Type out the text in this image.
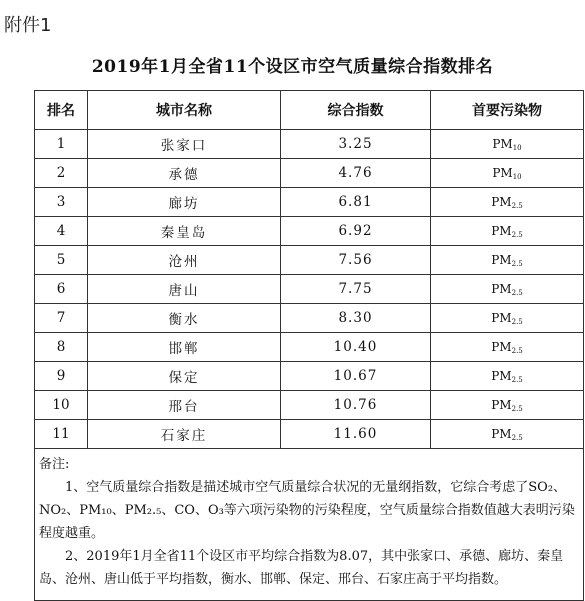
附件1
2019年1月全省11个设区市空气质量综合指数排名
排名	城市名称	综合指数	首要污染物
1	张家口	3.25	$PM_{10}$
2	承德	4.76	$PM_{10}$
3	廊坊	6.81	$PM_{2.5}$
4	秦皇岛	6.92	$PM_{2.5}$
5	沧州	7.56	$PM_{2.5}$
6	唐山	7.75	$PM_{2.5}$
7	衡水	8.30	$PM_{2.5}$
8	邯郸	10.40	$PM_{2.5}$
9	保定	10.67	$PM_{2.5}$
10	邢台	10.76	$PM_{2.5}$
11	石家庄	11.60	$PM_{2.5}$

备注:

1、空气质量综合指数是描述城市空气质量综合状况的无量纲指数，它综合考虑了SO₂、NO₂、PM₁₀、PM₂.₅、CO、O₃等六项污染物的污染程度，空气质量综合指数值越大表明污染程度越重。

2、2019年1月全省11个设区市平均综合指数为8.07，其中张家口、承德、廊坊、秦皇岛、沧州、唐山低于平均指数，衡水、邯郸、保定、邢台、石家庄高于平均指数。			
